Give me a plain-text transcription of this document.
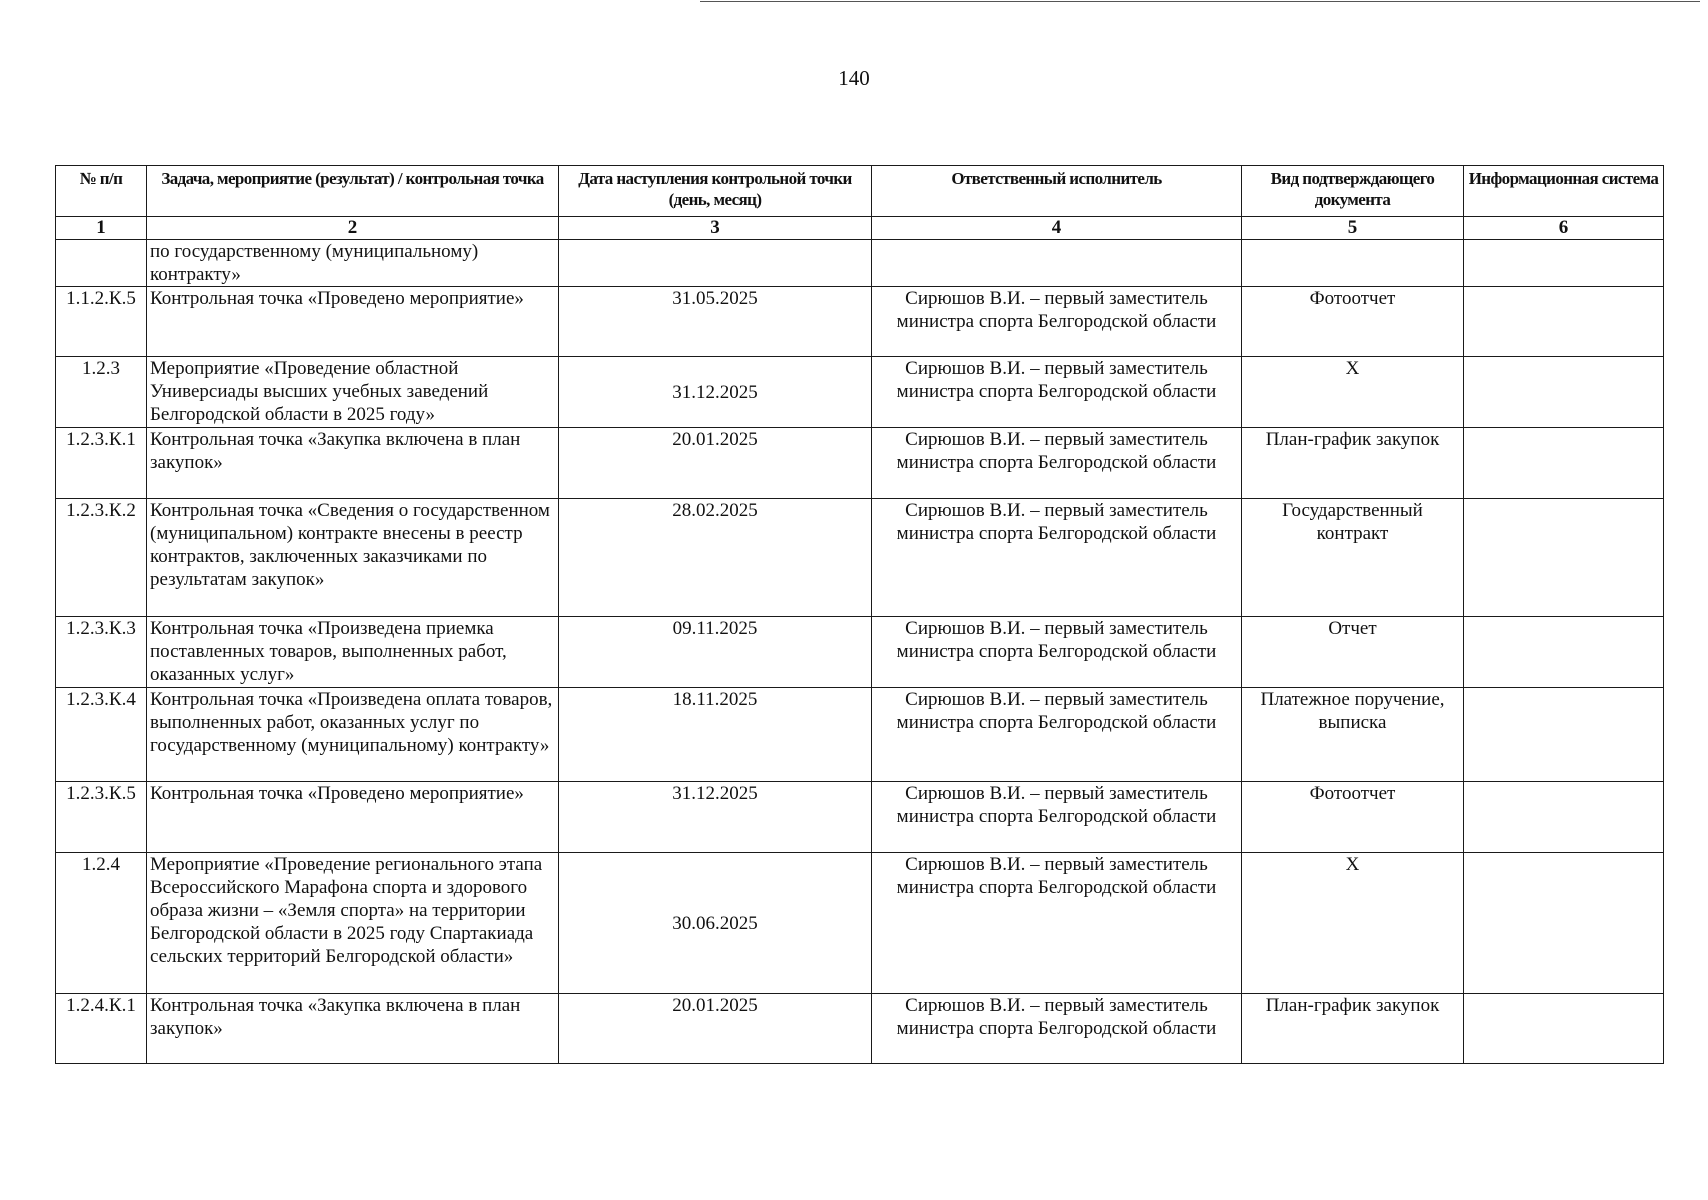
140
№ п/п	Задача, мероприятие (результат) / контрольная точка	Дата наступления контрольной точки (день, месяц)	Ответственный исполнитель	Вид подтверждающего документа	Информационная система
1	2	3	4	5	6
	по государственному (муниципальному) контракту»				
1.1.2.К.5	Контрольная точка «Проведено мероприятие»	31.05.2025	Сирюшов В.И. – первый заместитель министра спорта Белгородской области	Фотоотчет	
1.2.3	Мероприятие «Проведение областной Универсиады высших учебных заведений Белгородской области в 2025 году»	31.12.2025	Сирюшов В.И. – первый заместитель министра спорта Белгородской области	Х	
1.2.3.К.1	Контрольная точка «Закупка включена в план закупок»	20.01.2025	Сирюшов В.И. – первый заместитель министра спорта Белгородской области	План-график закупок	
1.2.3.К.2	Контрольная точка «Сведения о государственном (муниципальном) контракте внесены в реестр контрактов, заключенных заказчиками по результатам закупок»	28.02.2025	Сирюшов В.И. – первый заместитель министра спорта Белгородской области	Государственный контракт	
1.2.3.К.3	Контрольная точка «Произведена приемка поставленных товаров, выполненных работ, оказанных услуг»	09.11.2025	Сирюшов В.И. – первый заместитель министра спорта Белгородской области	Отчет	
1.2.3.К.4	Контрольная точка «Произведена оплата товаров, выполненных работ, оказанных услуг по государственному (муниципальному) контракту»	18.11.2025	Сирюшов В.И. – первый заместитель министра спорта Белгородской области	Платежное поручение, выписка	
1.2.3.К.5	Контрольная точка «Проведено мероприятие»	31.12.2025	Сирюшов В.И. – первый заместитель министра спорта Белгородской области	Фотоотчет	
1.2.4	Мероприятие «Проведение регионального этапа Всероссийского Марафона спорта и здорового образа жизни – «Земля спорта» на территории Белгородской области в 2025 году Спартакиада сельских территорий Белгородской области»	30.06.2025	Сирюшов В.И. – первый заместитель министра спорта Белгородской области	Х	
1.2.4.К.1	Контрольная точка «Закупка включена в план закупок»	20.01.2025	Сирюшов В.И. – первый заместитель министра спорта Белгородской области	План-график закупок	
